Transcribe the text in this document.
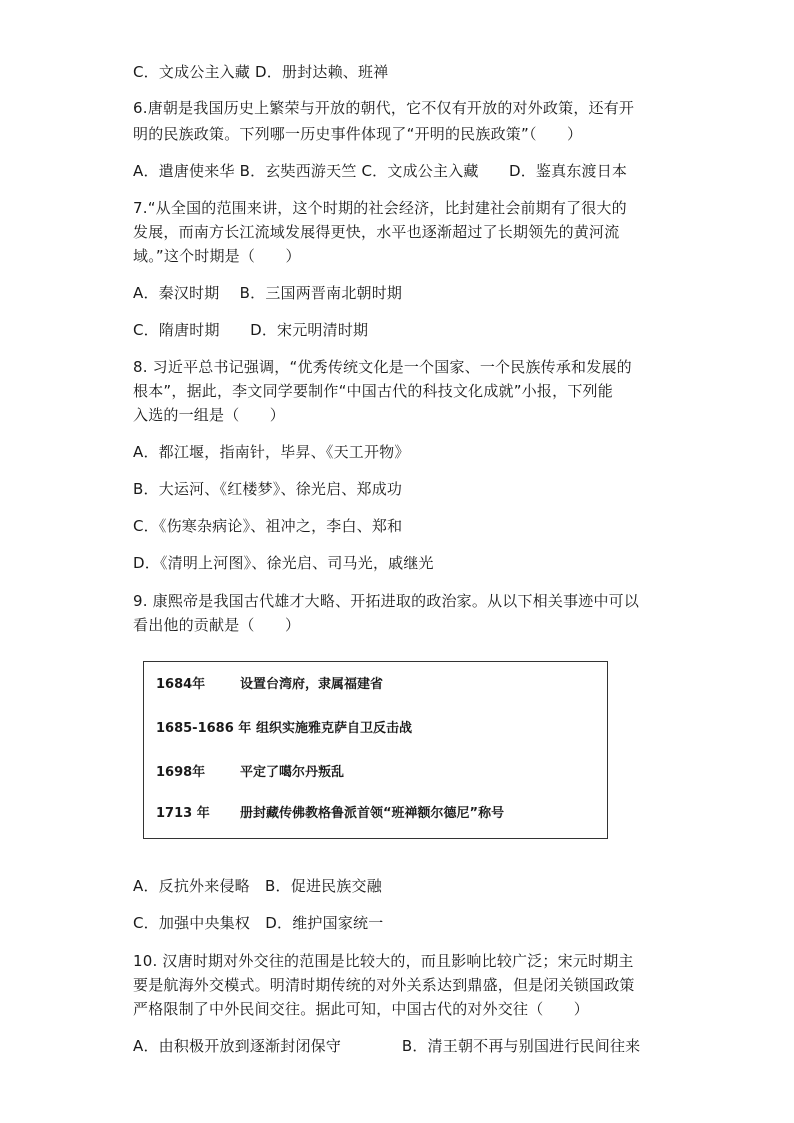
C．文成公主入藏 D．册封达赖、班禅
6.唐朝是我国历史上繁荣与开放的朝代，它不仅有开放的对外政策，还有开
明的民族政策。下列哪一历史事件体现了“开明的民族政策”（　　）
A．遣唐使来华 B．玄奘西游天竺 C．文成公主入藏　　D．鉴真东渡日本
7.“从全国的范围来讲，这个时期的社会经济，比封建社会前期有了很大的
发展，而南方长江流域发展得更快，水平也逐渐超过了长期领先的黄河流
域。”这个时期是（　　）
A．秦汉时期　 B．三国两晋南北朝时期
C．隋唐时期　　D．宋元明清时期
8. 习近平总书记强调，“优秀传统文化是一个国家、一个民族传承和发展的
根本”，据此，李文同学要制作“中国古代的科技文化成就”小报，下列能
入选的一组是（　　）
A．都江堰，指南针，毕昇、《天工开物》
B．大运河、《红楼梦》、徐光启、郑成功
C．《伤寒杂病论》、祖冲之，李白、郑和
D．《清明上河图》、徐光启、司马光，戚继光
9. 康熙帝是我国古代雄才大略、开拓进取的政治家。从以下相关事迹中可以
看出他的贡献是（　　）
A．反抗外来侵略　B．促进民族交融
C．加强中央集权　D．维护国家统一
10. 汉唐时期对外交往的范围是比较大的，而且影响比较广泛；宋元时期主
要是航海外交模式。明清时期传统的对外关系达到鼎盛，但是闭关锁国政策
严格限制了中外民间交往。据此可知，中国古代的对外交往（　　）
A．由积极开放到逐渐封闭保守　　　　B．清王朝不再与别国进行民间往来
1684年	设置台湾府，隶属福建省
1685-1686 年 组织实施雅克萨自卫反击战
1698年	平定了噶尔丹叛乱
1713 年 册封藏传佛教格鲁派首领“班禅额尔德尼”称号
